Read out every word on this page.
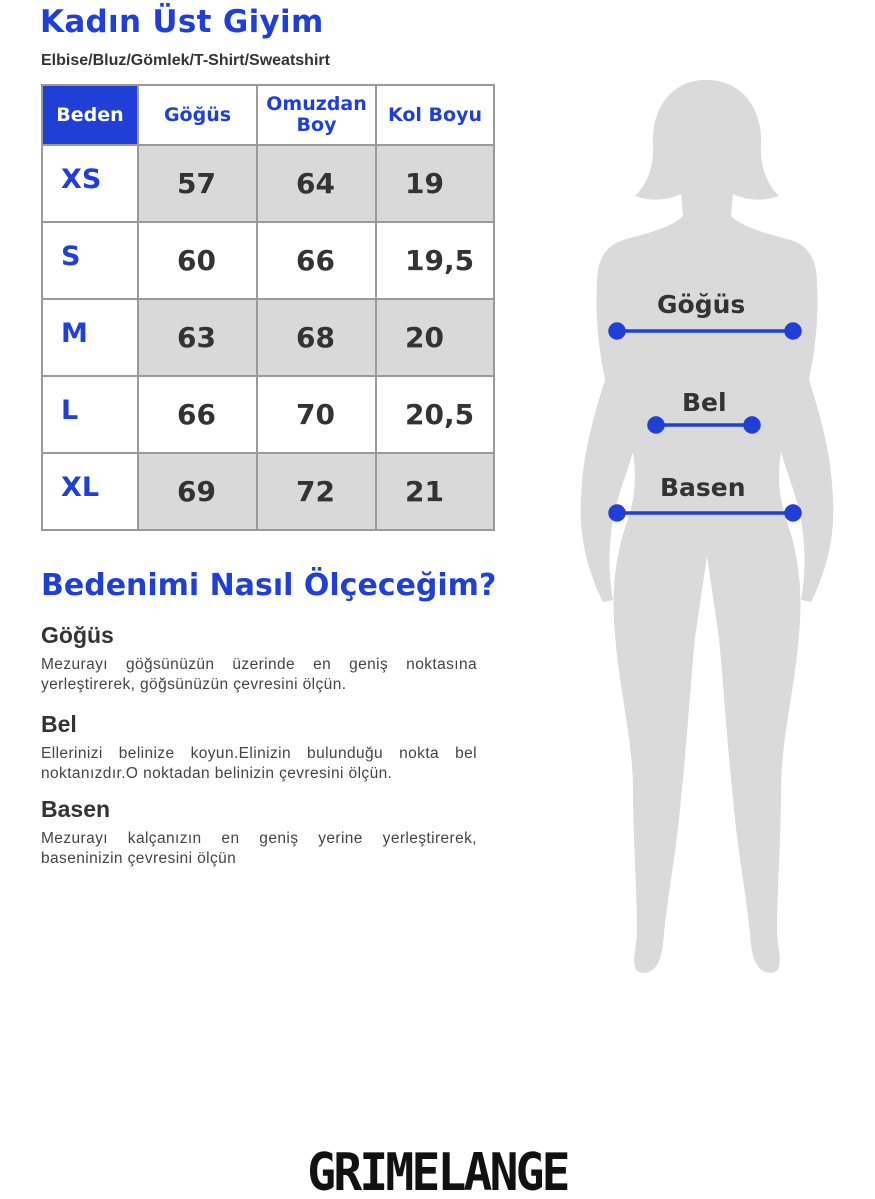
Kadın Üst Giyim
Elbise/Bluz/Gömlek/T-Shirt/Sweatshirt
Beden	Göğüs	Omuzdan Boy	Kol Boyu
XS	57	64	19
S	60	66	19,5
M	63	68	20
L	66	70	20,5
XL	69	72	21
Bedenimi Nasıl Ölçeceğim?
Göğüs
Mezurayı göğsünüzün üzerinde en geniş noktasına yerleştirerek, göğsünüzün çevresini ölçün.
Bel
Ellerinizi belinize koyun.Elinizin bulunduğu nokta bel noktanızdır.O noktadan belinizin çevresini ölçün.
Basen
Mezurayı kalçanızın en geniş yerine yerleştirerek, baseninizin çevresini ölçün
Göğüs
Bel
Basen
GRIMELANGE
